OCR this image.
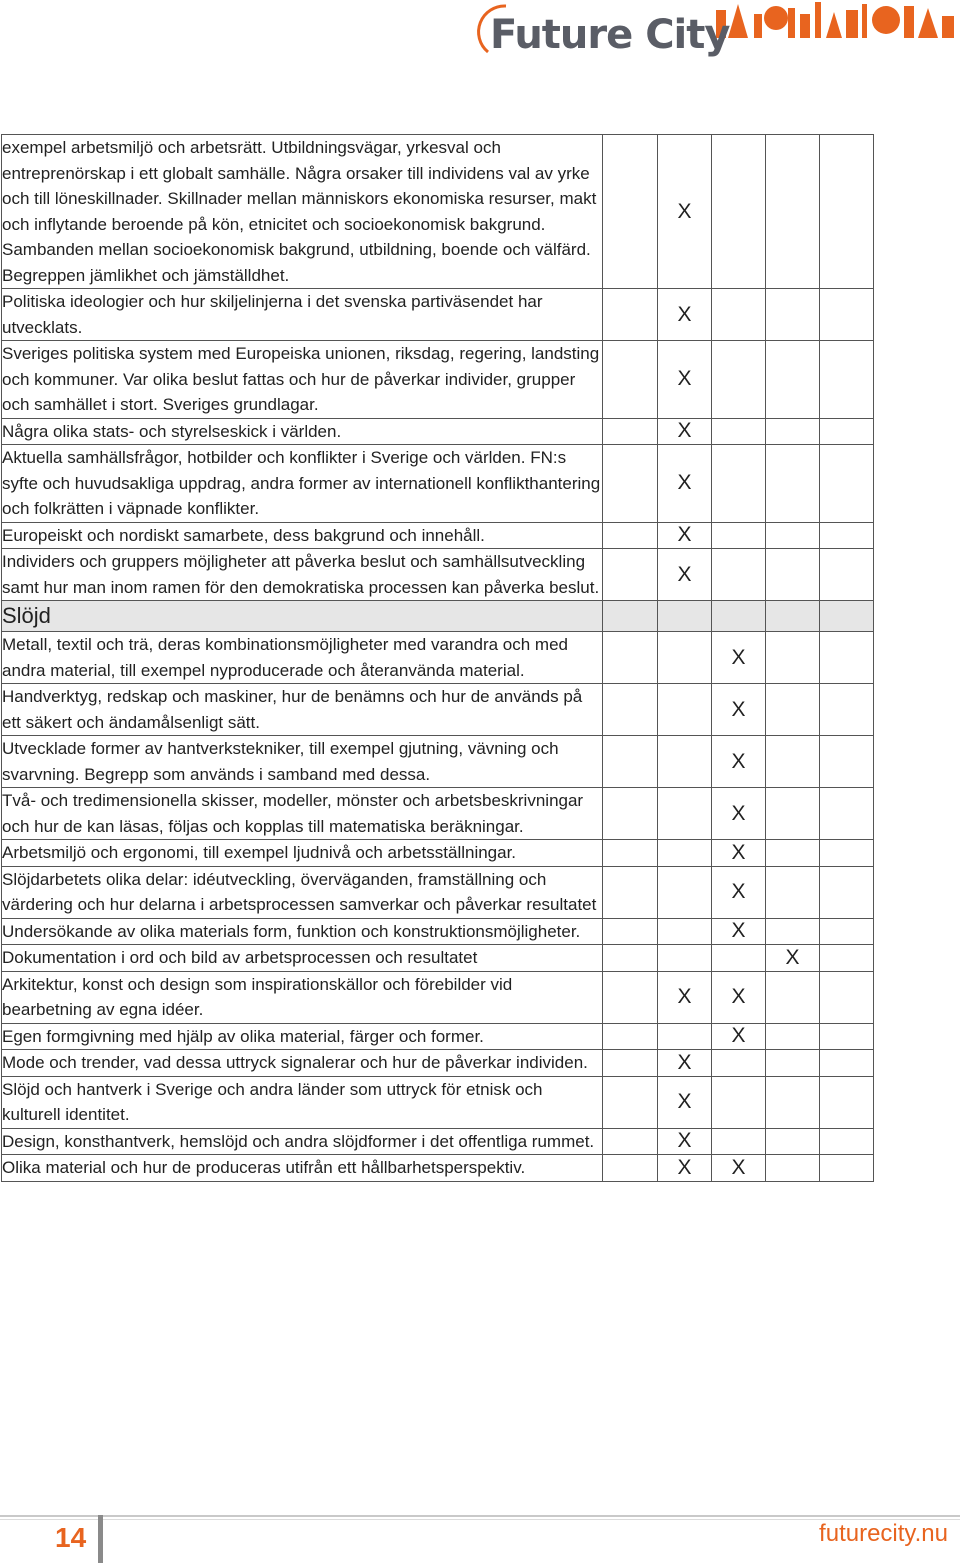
Future City
exempel arbetsmiljö och arbetsrätt. Utbildningsvägar, yrkesval och entreprenörskap i ett globalt samhälle. Några orsaker till individens val av yrke och till löneskillnader. Skillnader mellan människors ekonomiska resurser, makt och inflytande beroende på kön, etnicitet och socioekonomisk bakgrund. Sambanden mellan socioekonomisk bakgrund, utbildning, boende och välfärd. Begreppen jämlikhet och jämställdhet.		X			
Politiska ideologier och hur skiljelinjerna i det svenska partiväsendet har utvecklats.		X			
Sveriges politiska system med Europeiska unionen, riksdag, regering, landsting och kommuner. Var olika beslut fattas och hur de påverkar individer, grupper och samhället i stort. Sveriges grundlagar.		X			
Några olika stats- och styrelseskick i världen.		X			
Aktuella samhällsfrågor, hotbilder och konflikter i Sverige och världen. FN:s syfte och huvudsakliga uppdrag, andra former av internationell konflikthantering och folkrätten i väpnade konflikter.		X			
Europeiskt och nordiskt samarbete, dess bakgrund och innehåll.		X			
Individers och gruppers möjligheter att påverka beslut och samhällsutveckling samt hur man inom ramen för den demokratiska processen kan påverka beslut.		X			
Slöjd					
Metall, textil och trä, deras kombinationsmöjligheter med varandra och med andra material, till exempel nyproducerade och återanvända material.			X		
Handverktyg, redskap och maskiner, hur de benämns och hur de används på ett säkert och ändamålsenligt sätt.			X		
Utvecklade former av hantverkstekniker, till exempel gjutning, vävning och svarvning. Begrepp som används i samband med dessa.			X		
Två- och tredimensionella skisser, modeller, mönster och arbetsbeskrivningar och hur de kan läsas, följas och kopplas till matematiska beräkningar.			X		
Arbetsmiljö och ergonomi, till exempel ljudnivå och arbetsställningar.			X		
Slöjdarbetets olika delar: idéutveckling, överväganden, framställning och värdering och hur delarna i arbetsprocessen samverkar och påverkar resultatet			X		
Undersökande av olika materials form, funktion och konstruktionsmöjligheter.			X		
Dokumentation i ord och bild av arbetsprocessen och resultatet				X	
Arkitektur, konst och design som inspirationskällor och förebilder vid bearbetning av egna idéer.		X	X		
Egen formgivning med hjälp av olika material, färger och former.			X		
Mode och trender, vad dessa uttryck signalerar och hur de påverkar individen.		X			
Slöjd och hantverk i Sverige och andra länder som uttryck för etnisk och kulturell identitet.		X			
Design, konsthantverk, hemslöjd och andra slöjdformer i det offentliga rummet.		X			
Olika material och hur de produceras utifrån ett hållbarhetsperspektiv.		X	X		
14	futurecity.nu
